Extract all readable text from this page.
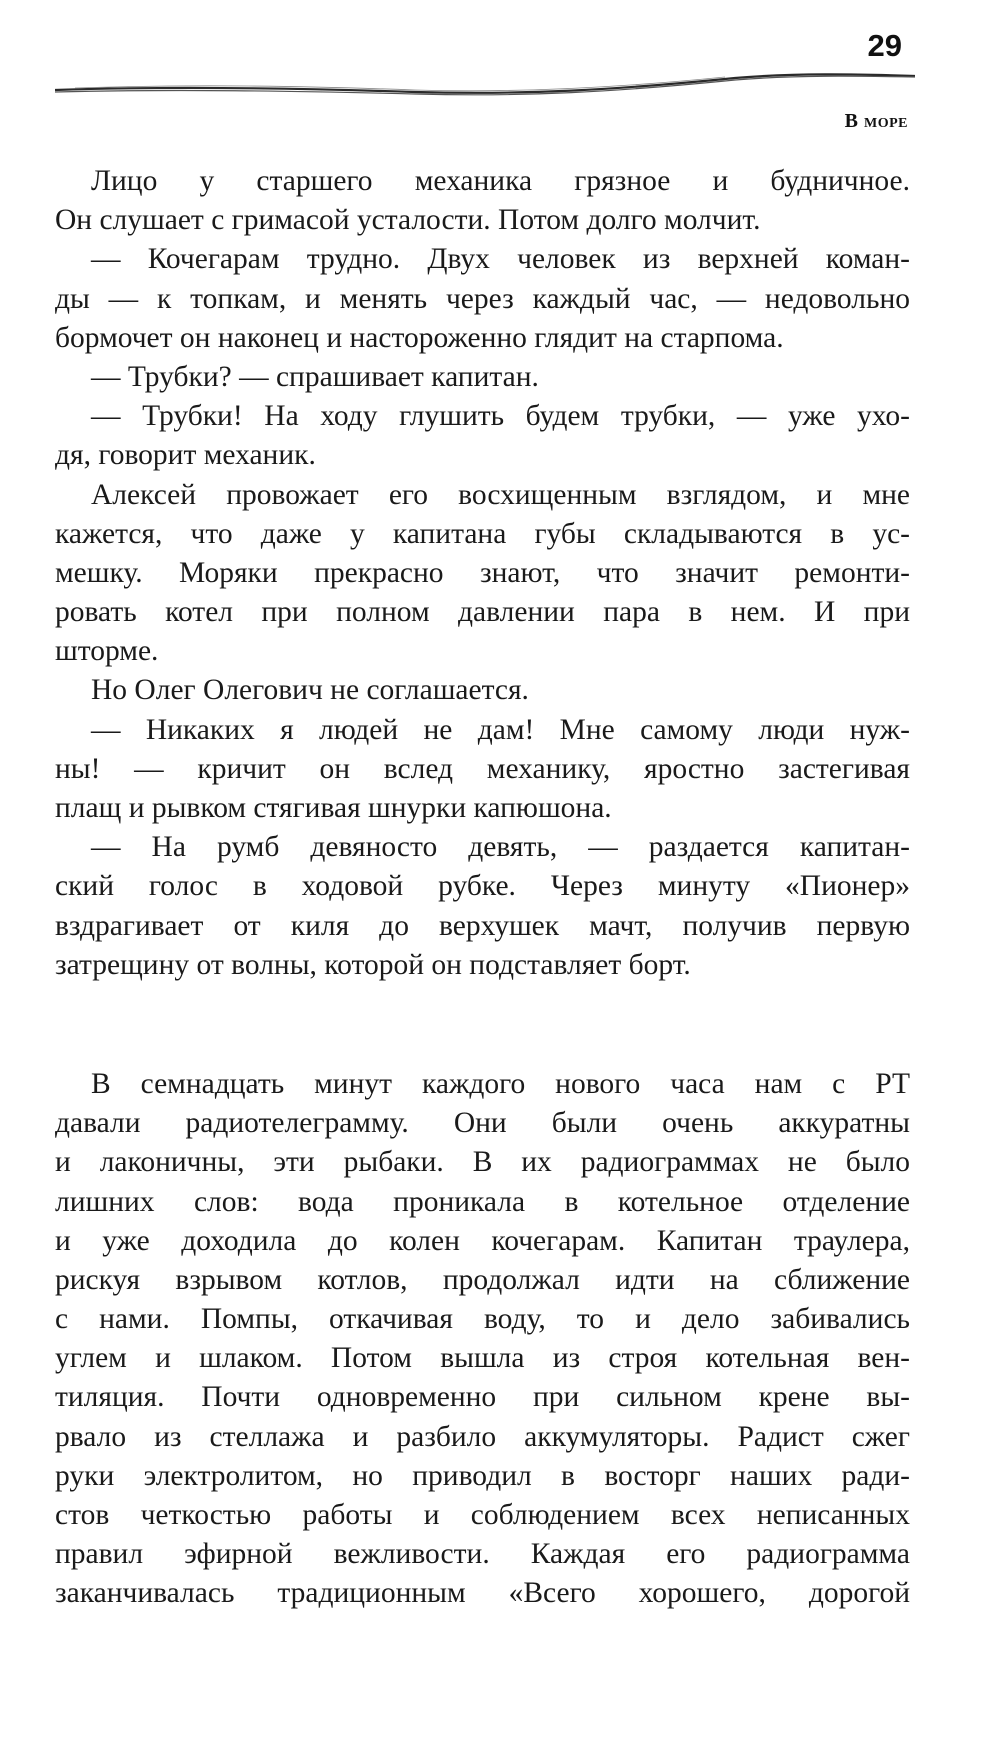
29
В море
Лицо у старшего механика грязное и будничное.
Он слушает с гримасой усталости. Потом долго молчит.
— Кочегарам трудно. Двух человек из верхней коман-
ды — к топкам, и менять через каждый час, — недовольно
бормочет он наконец и настороженно глядит на старпома.
— Трубки? — спрашивает капитан.
— Трубки! На ходу глушить будем трубки, — уже ухо-
дя, говорит механик.
Алексей провожает его восхищенным взглядом, и мне
кажется, что даже у капитана губы складываются в ус-
мешку. Моряки прекрасно знают, что значит ремонти-
ровать котел при полном давлении пара в нем. И при
шторме.
Но Олег Олегович не соглашается.
— Никаких я людей не дам! Мне самому люди нуж-
ны! — кричит он вслед механику, яростно застегивая
плащ и рывком стягивая шнурки капюшона.
— На румб девяносто девять, — раздается капитан-
ский голос в ходовой рубке. Через минуту «Пионер»
вздрагивает от киля до верхушек мачт, получив первую
затрещину от волны, которой он подставляет борт.
В семнадцать минут каждого нового часа нам с РТ
давали радиотелеграмму. Они были очень аккуратны
и лаконичны, эти рыбаки. В их радиограммах не было
лишних слов: вода проникала в котельное отделение
и уже доходила до колен кочегарам. Капитан траулера,
рискуя взрывом котлов, продолжал идти на сближение
с нами. Помпы, откачивая воду, то и дело забивались
углем и шлаком. Потом вышла из строя котельная вен-
тиляция. Почти одновременно при сильном крене вы-
рвало из стеллажа и разбило аккумуляторы. Радист сжег
руки электролитом, но приводил в восторг наших ради-
стов четкостью работы и соблюдением всех неписанных
правил эфирной вежливости. Каждая его радиограмма
заканчивалась традиционным «Всего хорошего, дорогой
